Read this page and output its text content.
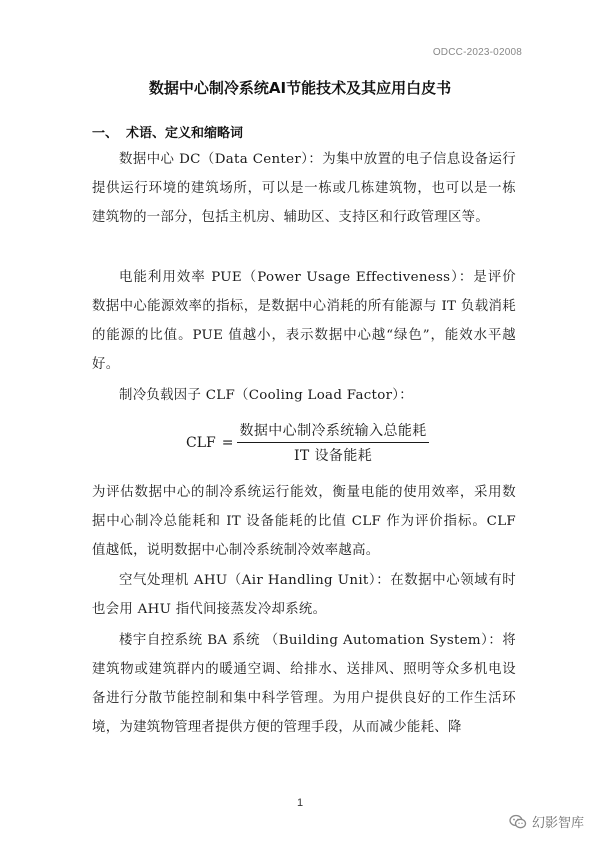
ODCC-2023-02008
数据中心制冷系统AI节能技术及其应用白皮书
一、 术语、定义和缩略词

数据中心 DC（Data Center）：为集中放置的电子信息设备运行提供运行环境的建筑场所，可以是一栋或几栋建筑物，也可以是一栋建筑物的一部分，包括主机房、辅助区、支持区和行政管理区等。

电能利用效率 PUE（Power Usage Effectiveness）：是评价数据中心能源效率的指标，是数据中心消耗的所有能源与 IT 负载消耗的能源的比值。PUE 值越小，表示数据中心越“绿色”，能效水平越好。

制冷负载因子 CLF（Cooling Load Factor）：

CLF = $\frac{\text{数据中心制冷系统输入总能耗}}{\text{IT 设备能耗}}$

为评估数据中心的制冷系统运行能效，衡量电能的使用效率，采用数据中心制冷总能耗和 IT 设备能耗的比值 CLF 作为评价指标。CLF 值越低，说明数据中心制冷系统制冷效率越高。

空气处理机 AHU（Air Handling Unit）：在数据中心领域有时也会用 AHU 指代间接蒸发冷却系统。

楼宇自控系统 BA 系统 （Building Automation System）：将建筑物或建筑群内的暖通空调、给排水、送排风、照明等众多机电设备进行分散节能控制和集中科学管理。为用户提供良好的工作生活环境，为建筑物管理者提供方便的管理手段，从而减少能耗、降

1
幻影智库
